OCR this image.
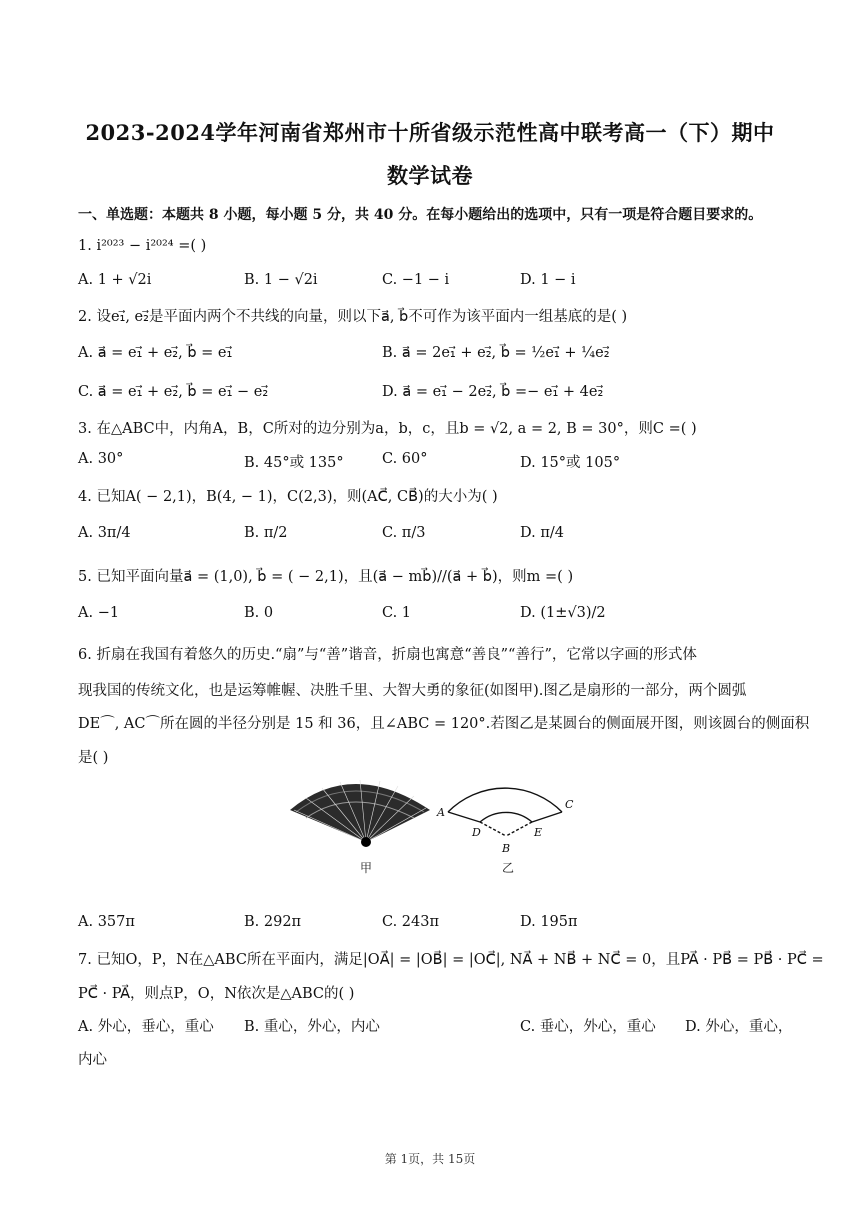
2023-2024学年河南省郑州市十所省级示范性高中联考高一（下）期中
数学试卷
一、单选题：本题共 8 小题，每小题 5 分，共 40 分。在每小题给出的选项中，只有一项是符合题目要求的。
1. i²⁰²³ − i²⁰²⁴ =( )
A. 1 + √2i	B. 1 − √2i	C. −1 − i	D. 1 − i
2. 设e₁⃗, e₂⃗是平面内两个不共线的向量，则以下a⃗, b⃗不可作为该平面内一组基底的是( )
A. a⃗ = e₁⃗ + e₂⃗, b⃗ = e₁⃗	B. a⃗ = 2e₁⃗ + e₂⃗, b⃗ = ½e₁⃗ + ¼e₂⃗
C. a⃗ = e₁⃗ + e₂⃗, b⃗ = e₁⃗ − e₂⃗	D. a⃗ = e₁⃗ − 2e₂⃗, b⃗ =− e₁⃗ + 4e₂⃗
3. 在△ABC中，内角A，B，C所对的边分别为a，b，c，且b = √2, a = 2, B = 30°，则C =( )
A. 30°	B. 45°或 135°	C. 60°	D. 15°或 105°
4. 已知A( − 2,1)，B(4, − 1)，C(2,3)，则(AC⃗, CB⃗)的大小为( )
A. 3π/4	B. π/2	C. π/3	D. π/4
5. 已知平面向量a⃗ = (1,0), b⃗ = ( − 2,1)，且(a⃗ − mb⃗)//(a⃗ + b⃗)，则m =( )
A. −1	B. 0	C. 1	D. (1±√3)/2
6. 折扇在我国有着悠久的历史.“扇”与“善”谐音，折扇也寓意“善良”“善行”，它常以字画的形式体
现我国的传统文化，也是运筹帷幄、决胜千里、大智大勇的象征(如图甲).图乙是扇形的一部分，两个圆弧
DE⌒, AC⌒所在圆的半径分别是 15 和 36，且∠ABC = 120°.若图乙是某圆台的侧面展开图，则该圆台的侧面积
是( )
甲
A
C
D	E
B
乙
A. 357π	B. 292π	C. 243π	D. 195π
7. 已知O，P，N在△ABC所在平面内，满足|OA⃗| = |OB⃗| = |OC⃗|, NA⃗ + NB⃗ + NC⃗ = 0，且PA⃗ · PB⃗ = PB⃗ · PC⃗ =
PC⃗ · PA⃗，则点P，O，N依次是△ABC的( )
A. 外心，垂心，重心 B. 重心，外心，内心	C. 垂心，外心，重心 D. 外心，重心，
内心
第 1页，共 15页
